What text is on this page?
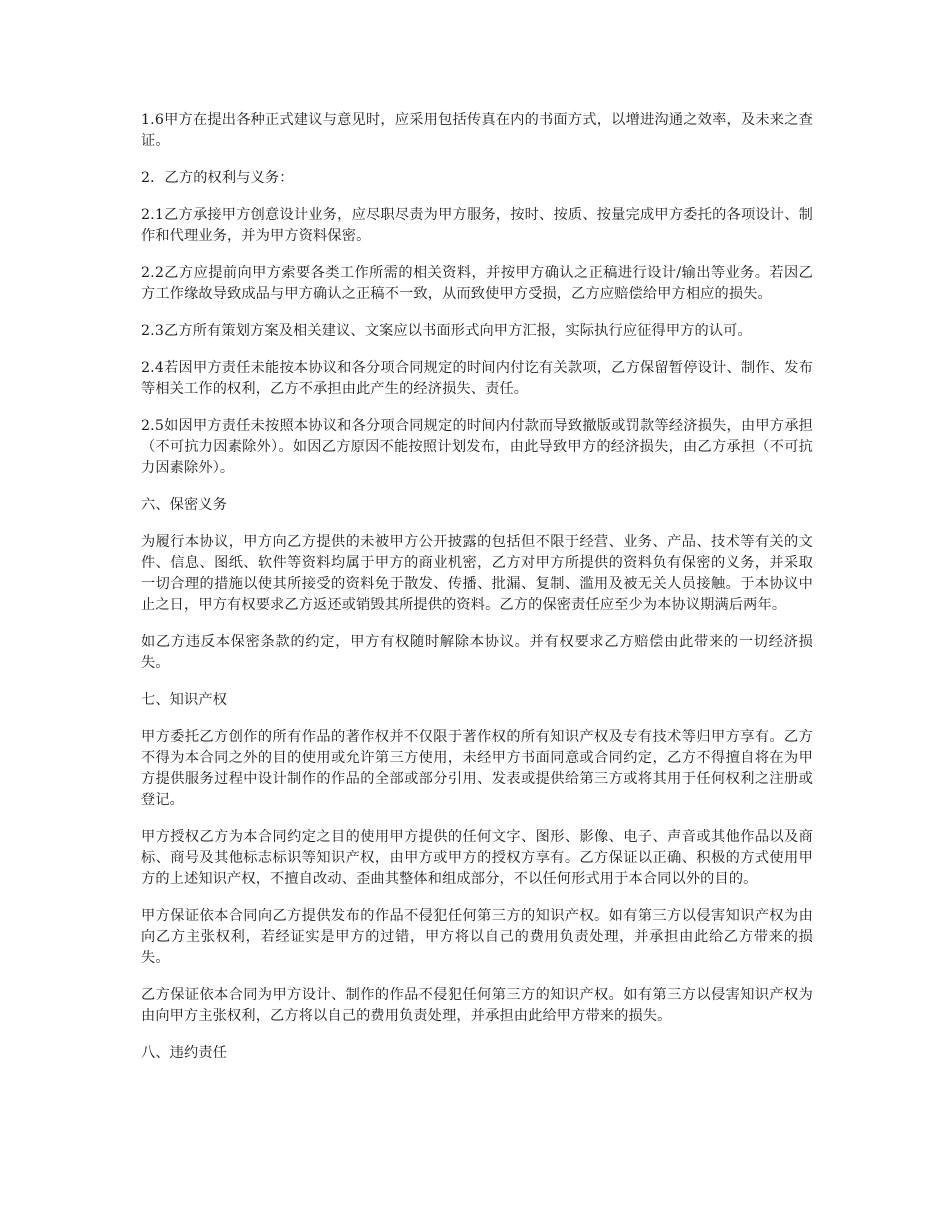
1.6甲方在提出各种正式建议与意见时，应采用包括传真在内的书面方式，以增进沟通之效率，及未来之查证。

2．乙方的权利与义务：

2.1乙方承接甲方创意设计业务，应尽职尽责为甲方服务，按时、按质、按量完成甲方委托的各项设计、制作和代理业务，并为甲方资料保密。

2.2乙方应提前向甲方索要各类工作所需的相关资料，并按甲方确认之正稿进行设计/输出等业务。若因乙方工作缘故导致成品与甲方确认之正稿不一致，从而致使甲方受损，乙方应赔偿给甲方相应的损失。

2.3乙方所有策划方案及相关建议、文案应以书面形式向甲方汇报，实际执行应征得甲方的认可。

2.4若因甲方责任未能按本协议和各分项合同规定的时间内付讫有关款项，乙方保留暂停设计、制作、发布等相关工作的权利，乙方不承担由此产生的经济损失、责任。

2.5如因甲方责任未按照本协议和各分项合同规定的时间内付款而导致撤版或罚款等经济损失，由甲方承担（不可抗力因素除外）。如因乙方原因不能按照计划发布，由此导致甲方的经济损失，由乙方承担（不可抗力因素除外）。

六、保密义务

为履行本协议，甲方向乙方提供的未被甲方公开披露的包括但不限于经营、业务、产品、技术等有关的文件、信息、图纸、软件等资料均属于甲方的商业机密，乙方对甲方所提供的资料负有保密的义务，并采取一切合理的措施以使其所接受的资料免于散发、传播、批漏、复制、滥用及被无关人员接触。于本协议中止之日，甲方有权要求乙方返还或销毁其所提供的资料。乙方的保密责任应至少为本协议期满后两年。

如乙方违反本保密条款的约定，甲方有权随时解除本协议。并有权要求乙方赔偿由此带来的一切经济损失。

七、知识产权

甲方委托乙方创作的所有作品的著作权并不仅限于著作权的所有知识产权及专有技术等归甲方享有。乙方不得为本合同之外的目的使用或允许第三方使用，未经甲方书面同意或合同约定，乙方不得擅自将在为甲方提供服务过程中设计制作的作品的全部或部分引用、发表或提供给第三方或将其用于任何权利之注册或登记。

甲方授权乙方为本合同约定之目的使用甲方提供的任何文字、图形、影像、电子、声音或其他作品以及商标、商号及其他标志标识等知识产权，由甲方或甲方的授权方享有。乙方保证以正确、积极的方式使用甲方的上述知识产权，不擅自改动、歪曲其整体和组成部分，不以任何形式用于本合同以外的目的。

甲方保证依本合同向乙方提供发布的作品不侵犯任何第三方的知识产权。如有第三方以侵害知识产权为由向乙方主张权利，若经证实是甲方的过错，甲方将以自己的费用负责处理，并承担由此给乙方带来的损失。

乙方保证依本合同为甲方设计、制作的作品不侵犯任何第三方的知识产权。如有第三方以侵害知识产权为由向甲方主张权利，乙方将以自己的费用负责处理，并承担由此给甲方带来的损失。

八、违约责任
